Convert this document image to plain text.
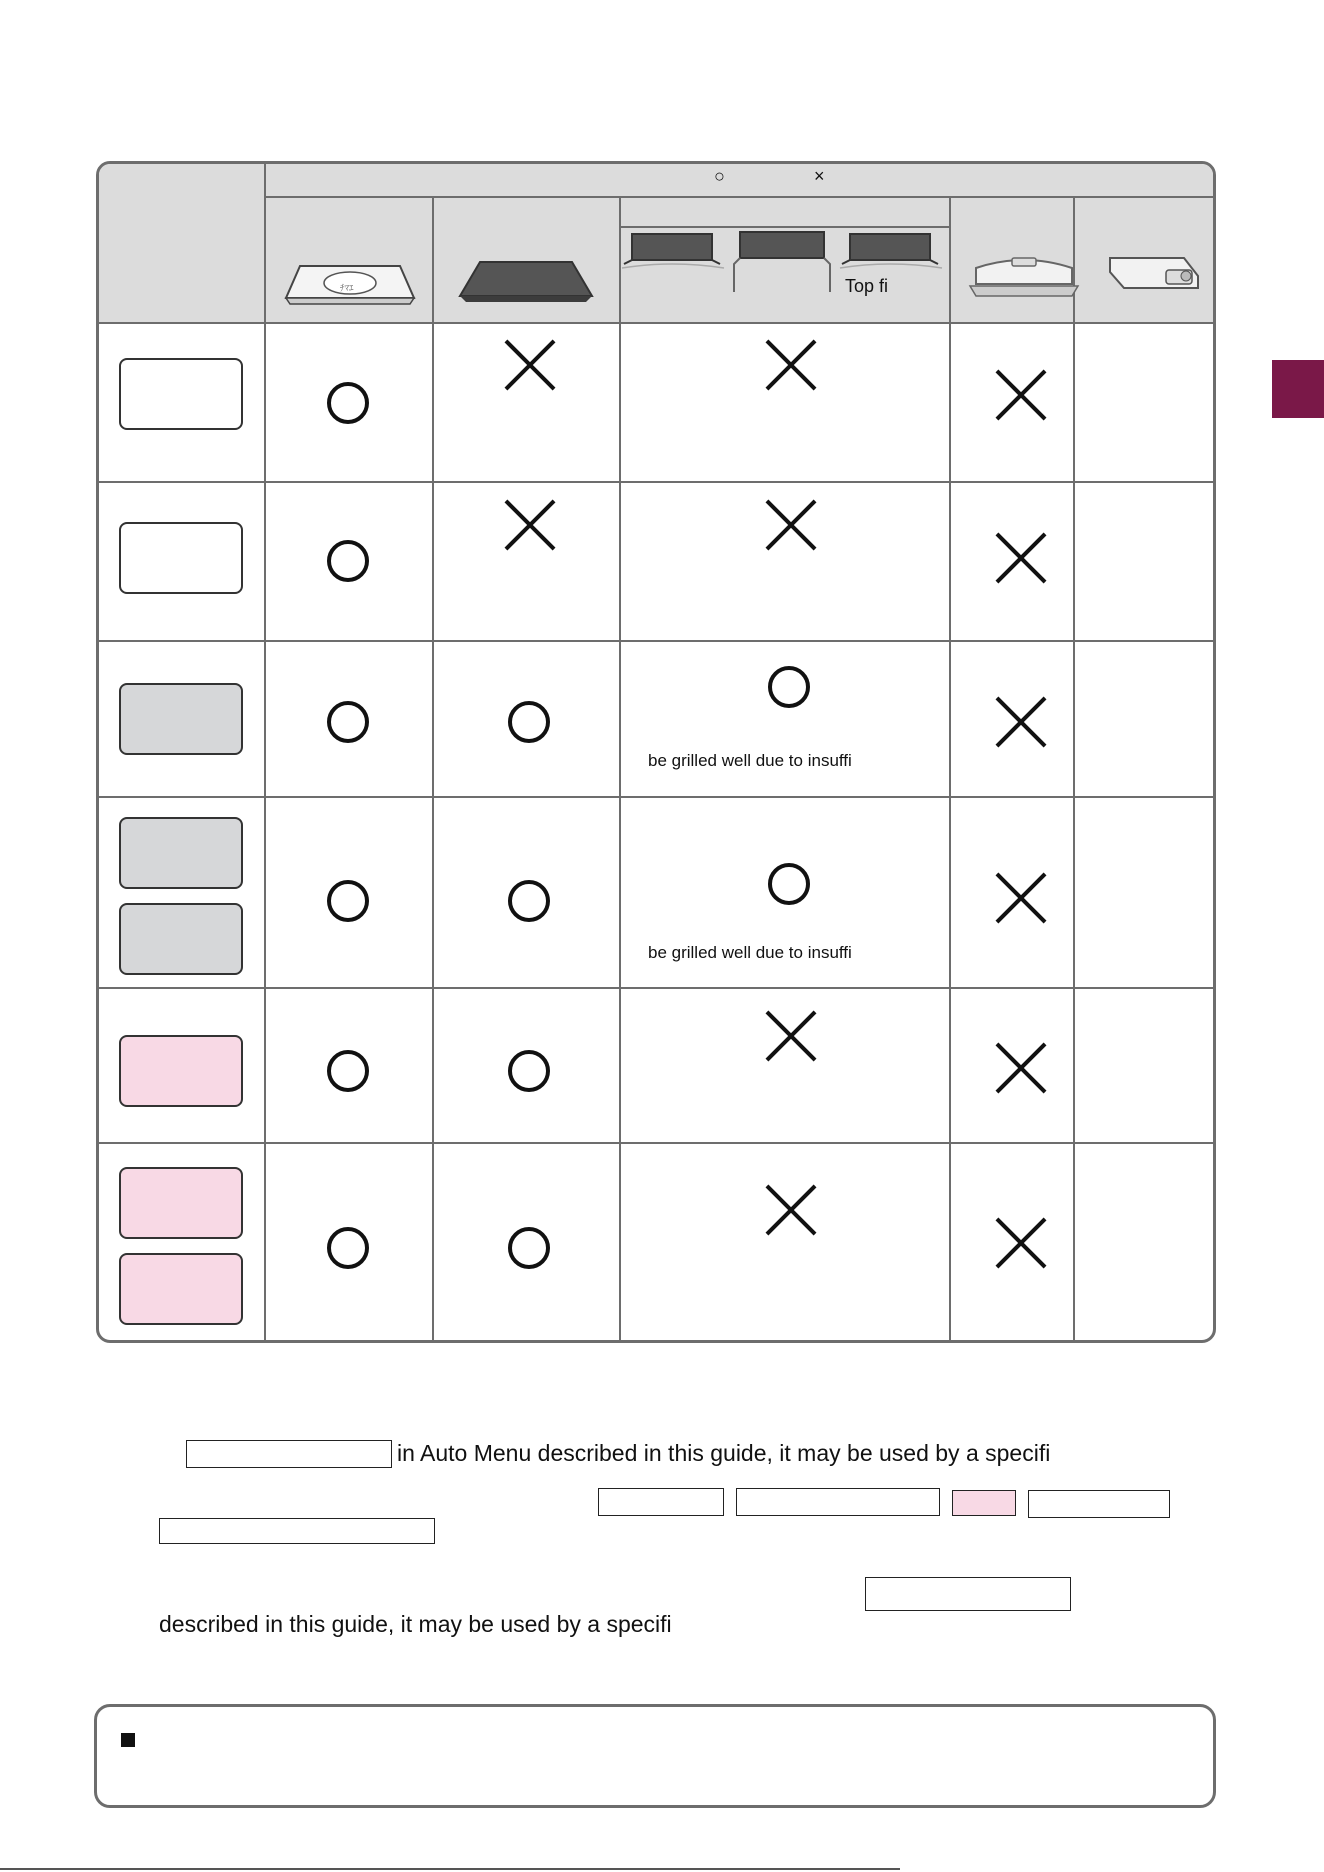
○	×
ﾁﾏｴ	Top fi
be grilled well due to insuffi
be grilled well due to insuffi
in Auto Menu described in this guide, it may be used by a specifi
described in this guide, it may be used by a specifi
